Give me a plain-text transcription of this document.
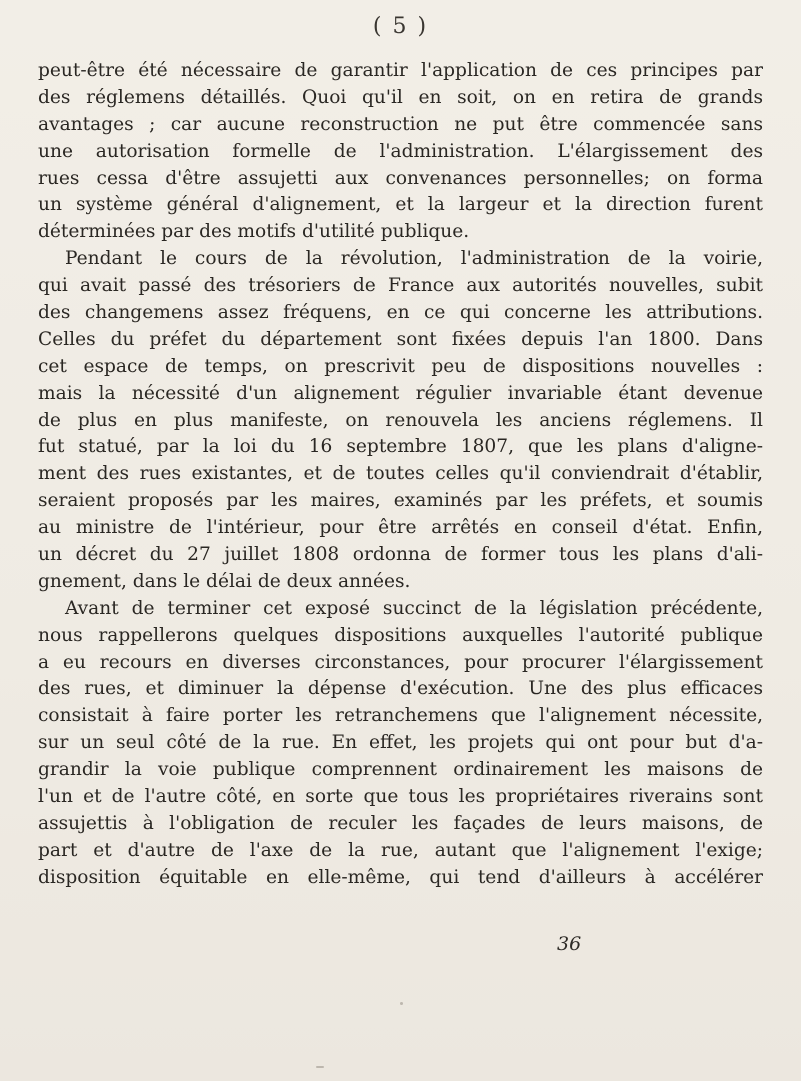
( 5 )
peut-être été nécessaire de garantir l'application de ces principes par
des réglemens détaillés. Quoi qu'il en soit, on en retira de grands
avantages ; car aucune reconstruction ne put être commencée sans
une autorisation formelle de l'administration. L'élargissement des
rues cessa d'être assujetti aux convenances personnelles; on forma
un système général d'alignement, et la largeur et la direction furent
déterminées par des motifs d'utilité publique.
Pendant le cours de la révolution, l'administration de la voirie,
qui avait passé des trésoriers de France aux autorités nouvelles, subit
des changemens assez fréquens, en ce qui concerne les attributions.
Celles du préfet du département sont fixées depuis l'an 1800. Dans
cet espace de temps, on prescrivit peu de dispositions nouvelles :
mais la nécessité d'un alignement régulier invariable étant devenue
de plus en plus manifeste, on renouvela les anciens réglemens. Il
fut statué, par la loi du 16 septembre 1807, que les plans d'aligne-
ment des rues existantes, et de toutes celles qu'il conviendrait d'établir,
seraient proposés par les maires, examinés par les préfets, et soumis
au ministre de l'intérieur, pour être arrêtés en conseil d'état. Enfin,
un décret du 27 juillet 1808 ordonna de former tous les plans d'ali-
gnement, dans le délai de deux années.
Avant de terminer cet exposé succinct de la législation précédente,
nous rappellerons quelques dispositions auxquelles l'autorité publique
a eu recours en diverses circonstances, pour procurer l'élargissement
des rues, et diminuer la dépense d'exécution. Une des plus efficaces
consistait à faire porter les retranchemens que l'alignement nécessite,
sur un seul côté de la rue. En effet, les projets qui ont pour but d'a-
grandir la voie publique comprennent ordinairement les maisons de
l'un et de l'autre côté, en sorte que tous les propriétaires riverains sont
assujettis à l'obligation de reculer les façades de leurs maisons, de
part et d'autre de l'axe de la rue, autant que l'alignement l'exige;
disposition équitable en elle-même, qui tend d'ailleurs à accélérer
36
